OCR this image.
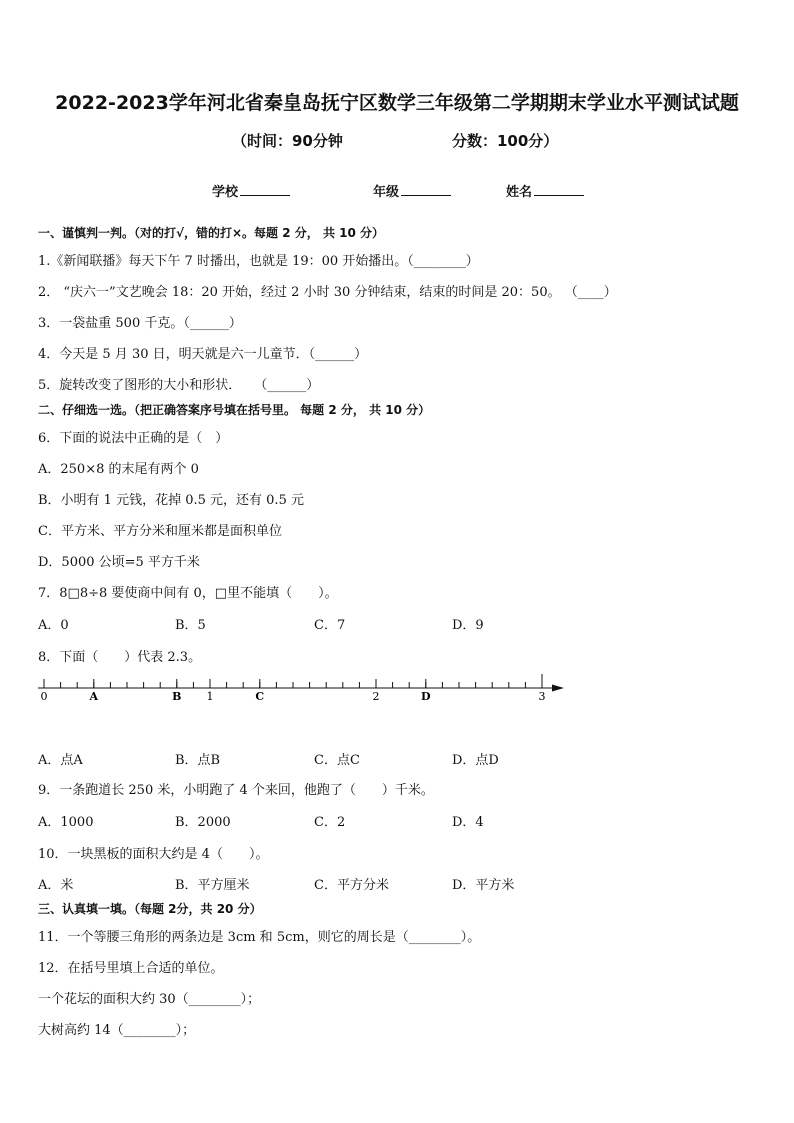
2022-2023学年河北省秦皇岛抚宁区数学三年级第二学期期末学业水平测试试题
（时间：90分钟	分数：100分）
学校	年级	姓名
一、谨慎判一判。（对的打√，错的打×。每题 2 分， 共 10 分）
1.《新闻联播》每天下午 7 时播出，也就是 19：00 开始播出。（________）
2． “庆六一”文艺晚会 18：20 开始，经过 2 小时 30 分钟结束，结束的时间是 20：50。 （____）
3．一袋盐重 500 千克。（______）
4．今天是 5 月 30 日，明天就是六一儿童节．（______）
5．旋转改变了图形的大小和形状．　　（______）
二、仔细选一选。（把正确答案序号填在括号里。 每题 2 分， 共 10 分）
6．下面的说法中正确的是（　）
A．250×8 的末尾有两个 0
B．小明有 1 元钱，花掉 0.5 元，还有 0.5 元
C．平方米、平方分米和厘米都是面积单位
D．5000 公顷=5 平方千米
7．8□8÷8 要使商中间有 0，□里不能填（　　）。
A．0	B．5	C．7	D．9
8．下面（　　）代表 2.3。
0	1	2	3
A	B	C	D
A．点A	B．点B	C．点C	D．点D
9．一条跑道长 250 米，小明跑了 4 个来回，他跑了（　　）千米。
A．1000	B．2000	C．2	D．4
10．一块黑板的面积大约是 4（　　）。
A．米	B．平方厘米	C．平方分米	D．平方米
三、认真填一填。（每题 2分，共 20 分）
11．一个等腰三角形的两条边是 3cm 和 5cm，则它的周长是（________）。
12．在括号里填上合适的单位。
一个花坛的面积大约 30（________）；
大树高约 14（________）；
